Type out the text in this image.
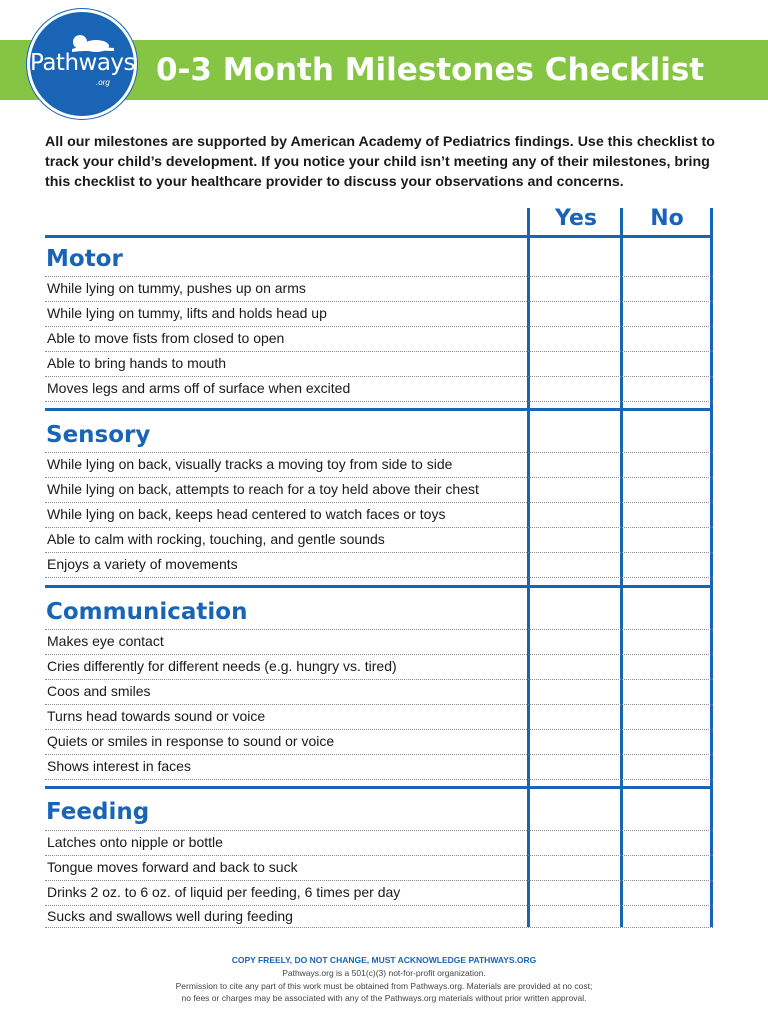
0-3 Month Milestones Checklist
Pathways
.org
All our milestones are supported by American Academy of Pediatrics findings. Use this checklist to track your child’s development. If you notice your child isn’t meeting any of their milestones, bring this checklist to your healthcare provider to discuss your observations and concerns.
Yes	No
Motor
While lying on tummy, pushes up on arms
While lying on tummy, lifts and holds head up
Able to move fists from closed to open
Able to bring hands to mouth
Moves legs and arms off of surface when excited
Sensory
While lying on back, visually tracks a moving toy from side to side
While lying on back, attempts to reach for a toy held above their chest
While lying on back, keeps head centered to watch faces or toys
Able to calm with rocking, touching, and gentle sounds
Enjoys a variety of movements
Communication
Makes eye contact
Cries differently for different needs (e.g. hungry vs. tired)
Coos and smiles
Turns head towards sound or voice
Quiets or smiles in response to sound or voice
Shows interest in faces
Feeding
Latches onto nipple or bottle
Tongue moves forward and back to suck
Drinks 2 oz. to 6 oz. of liquid per feeding, 6 times per day
Sucks and swallows well during feeding
COPY FREELY, DO NOT CHANGE, MUST ACKNOWLEDGE PATHWAYS.ORG
Pathways.org is a 501(c)(3) not-for-profit organization.
Permission to cite any part of this work must be obtained from Pathways.org. Materials are provided at no cost;
no fees or charges may be associated with any of the Pathways.org materials without prior written approval.
